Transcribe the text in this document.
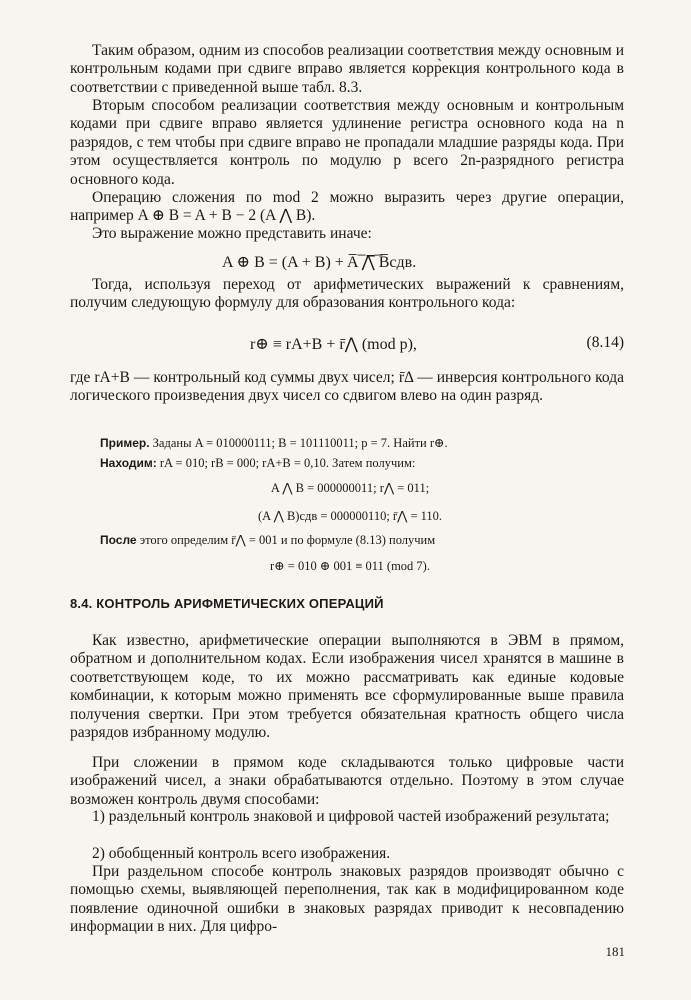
Таким образом, одним из способов реализации соответствия между основным и контрольным кодами при сдвиге вправо является корр̀екция контрольного кода в соответствии с приведенной выше табл. 8.3.
Вторым способом реализации соответствия между основным и контрольным кодами при сдвиге вправо является удлинение регистра основного кода на n разрядов, с тем чтобы при сдвиге вправо не пропадали младшие разряды кода. При этом осуществляется контроль по модулю p всего 2n-разрядного регистра основного кода.
Операцию сложения по mod 2 можно выразить через другие операции, например A ⊕ B = A + B − 2 (A ⋀ B).
Это выражение можно представить иначе:
A ⊕ B = (A + B) + A̅ ̅⋀̅ ̅B̅сдв.
Тогда, используя переход от арифметических выражений к сравнениям, получим следующую формулу для образования контрольного кода:
r⊕ ≡ rA+B + r̄⋀ (mod p),	(8.14)
где rA+B — контрольный код суммы двух чисел; r̄Δ — инверсия контрольного кода логического произведения двух чисел со сдвигом влево на один разряд.
Пример. Заданы A = 010000111; B = 101110011; p = 7. Найти r⊕.
Находим: rA = 010; rB = 000; rA+B = 0,10. Затем получим:
A ⋀ B = 000000011; r⋀ = 011;
(A ⋀ B)сдв = 000000110; r̄⋀ = 110.
После этого определим r̄⋀ = 001 и по формуле (8.13) получим
r⊕ = 010 ⊕ 001 ≡ 011 (mod 7).
8.4. КОНТРОЛЬ АРИФМЕТИЧЕСКИХ ОПЕРАЦИЙ
Как известно, арифметические операции выполняются в ЭВМ в прямом, обратном и дополнительном кодах. Если изображения чисел хранятся в машине в соответствующем коде, то их можно рассматривать как единые кодовые комбинации, к которым можно применять все сформулированные выше правила получения свертки. При этом требуется обязательная кратность общего числа разрядов избранному модулю.
При сложении в прямом коде складываются только цифровые части изображений чисел, а знаки обрабатываются отдельно. Поэтому в этом случае возможен контроль двумя способами:
1) раздельный контроль знаковой и цифровой частей изображений результата;
2) обобщенный контроль всего изображения.
При раздельном способе контроль знаковых разрядов производят обычно с помощью схемы, выявляющей переполнения, так как в модифицированном коде появление одиночной ошибки в знаковых разрядах приводит к несовпадению информации в них. Для цифро-
181
